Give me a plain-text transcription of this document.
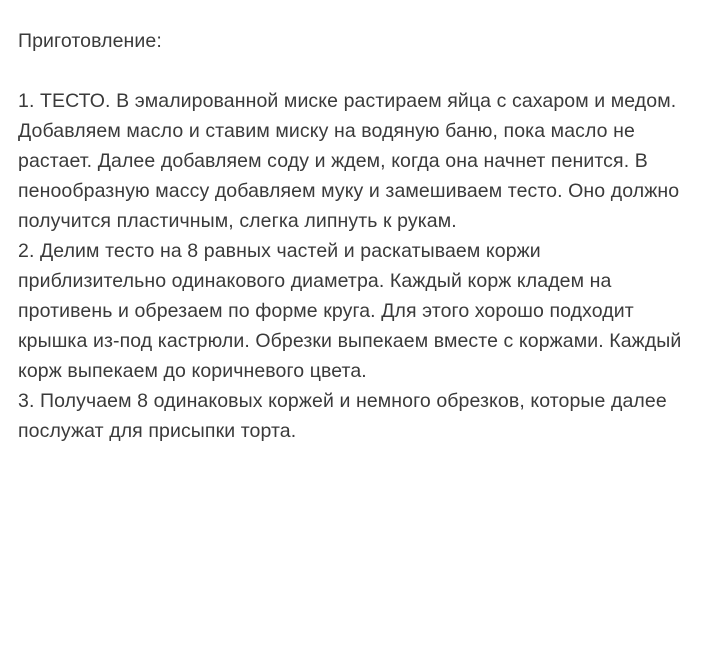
Приготовление:

1. ТЕСТО. В эмалированной миске растираем яйца с сахаром и медом. Добавляем масло и ставим миску на водяную баню, пока масло не растает. Далее добавляем соду и ждем, когда она начнет пенится. В пенообразную массу добавляем муку и замешиваем тесто. Оно должно получится пластичным, слегка липнуть к рукам.

2. Делим тесто на 8 равных частей и раскатываем коржи приблизительно одинакового диаметра. Каждый корж кладем на противень и обрезаем по форме круга. Для этого хорошо подходит крышка из-под кастрюли. Обрезки выпекаем вместе с коржами. Каждый корж выпекаем до коричневого цвета.

3. Получаем 8 одинаковых коржей и немного обрезков, которые далее послужат для присыпки торта.
